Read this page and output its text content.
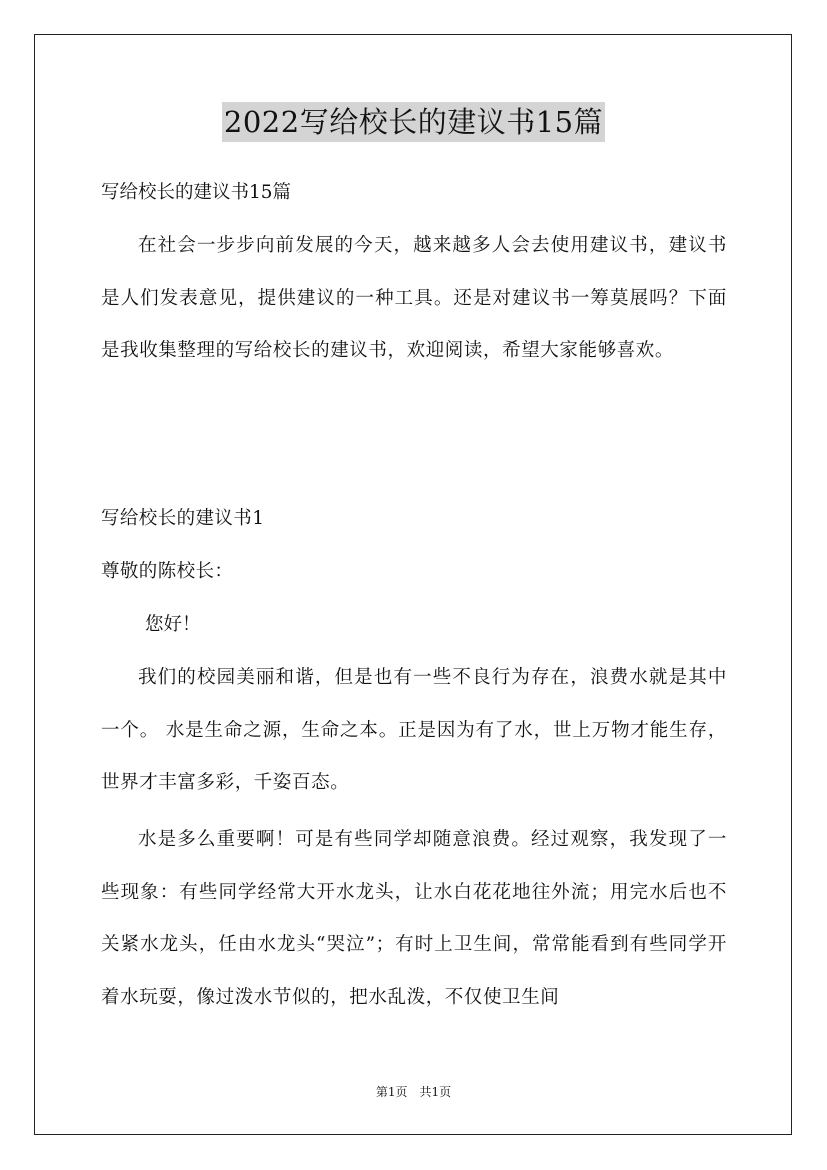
2022写给校长的建议书15篇

写给校长的建议书15篇

在社会一步步向前发展的今天，越来越多人会去使用建议书，建议书是人们发表意见，提供建议的一种工具。还是对建议书一筹莫展吗？下面是我收集整理的写给校长的建议书，欢迎阅读，希望大家能够喜欢。

写给校长的建议书1

尊敬的陈校长：

您好！

我们的校园美丽和谐，但是也有一些不良行为存在，浪费水就是其中一个。 水是生命之源，生命之本。正是因为有了水，世上万物才能生存，世界才丰富多彩，千姿百态。

水是多么重要啊！可是有些同学却随意浪费。经过观察，我发现了一些现象：有些同学经常大开水龙头，让水白花花地往外流；用完水后也不关紧水龙头，任由水龙头“哭泣”；有时上卫生间，常常能看到有些同学开着水玩耍，像过泼水节似的，把水乱泼，不仅使卫生间

第1页　共1页
